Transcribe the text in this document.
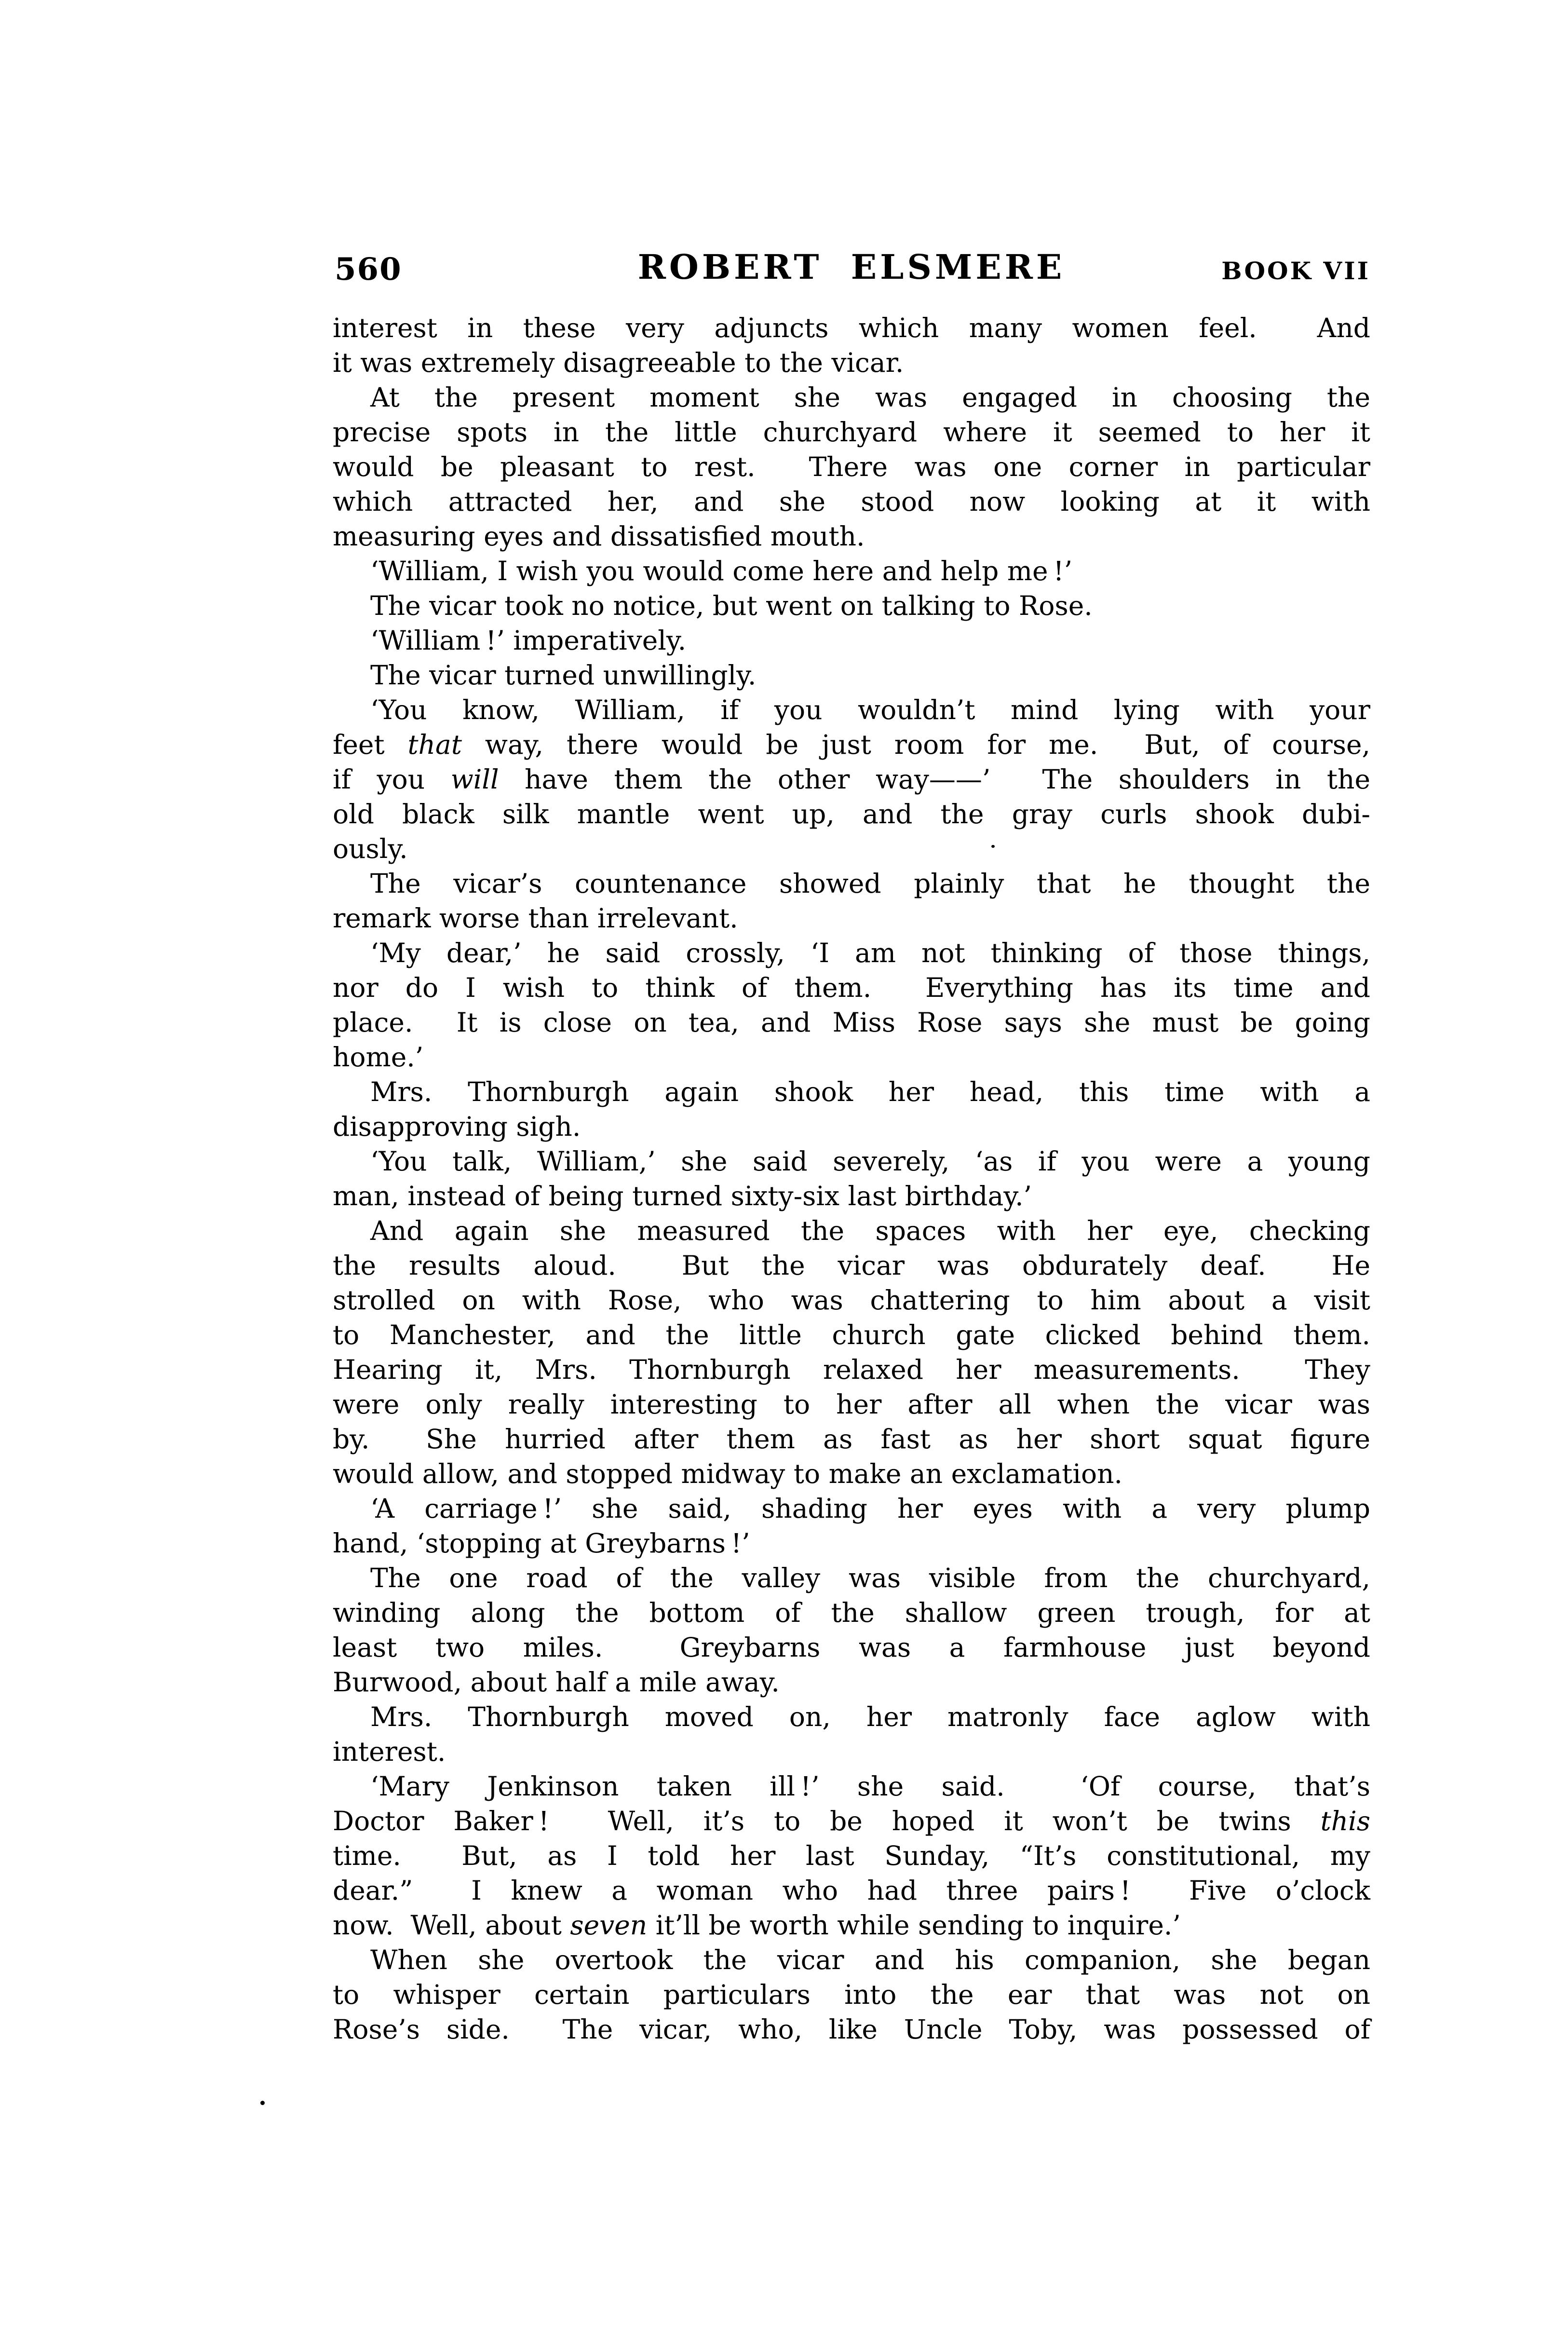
560	ROBERT ELSMERE	BOOK VII
interest in these very adjuncts which many women feel.  And
it was extremely disagreeable to the vicar.
At the present moment she was engaged in choosing the
precise spots in the little churchyard where it seemed to her it
would be pleasant to rest.  There was one corner in particular
which attracted her, and she stood now looking at it with
measuring eyes and dissatisfied mouth.
‘William, I wish you would come here and help me !’
The vicar took no notice, but went on talking to Rose.
‘William !’ imperatively.
The vicar turned unwillingly.
‘You know, William, if you wouldn’t mind lying with your
feet that way, there would be just room for me.  But, of course,
if you will have them the other way——’  The shoulders in the
old black silk mantle went up, and the gray curls shook dubi-
ously.
The vicar’s countenance showed plainly that he thought the
remark worse than irrelevant.
‘My dear,’ he said crossly, ‘I am not thinking of those things,
nor do I wish to think of them.  Everything has its time and
place.  It is close on tea, and Miss Rose says she must be going
home.’
Mrs. Thornburgh again shook her head, this time with a
disapproving sigh.
‘You talk, William,’ she said severely, ‘as if you were a young
man, instead of being turned sixty-six last birthday.’
And again she measured the spaces with her eye, checking
the results aloud.  But the vicar was obdurately deaf.  He
strolled on with Rose, who was chattering to him about a visit
to Manchester, and the little church gate clicked behind them.
Hearing it, Mrs. Thornburgh relaxed her measurements.  They
were only really interesting to her after all when the vicar was
by.  She hurried after them as fast as her short squat figure
would allow, and stopped midway to make an exclamation.
‘A carriage !’ she said, shading her eyes with a very plump
hand, ‘stopping at Greybarns !’
The one road of the valley was visible from the churchyard,
winding along the bottom of the shallow green trough, for at
least two miles.  Greybarns was a farmhouse just beyond
Burwood, about half a mile away.
Mrs. Thornburgh moved on, her matronly face aglow with
interest.
‘Mary Jenkinson taken ill !’ she said.  ‘Of course, that’s
Doctor Baker !  Well, it’s to be hoped it won’t be twins this
time.  But, as I told her last Sunday, “It’s constitutional, my
dear.”  I knew a woman who had three pairs !  Five o’clock
now.  Well, about seven it’ll be worth while sending to inquire.’
When she overtook the vicar and his companion, she began
to whisper certain particulars into the ear that was not on
Rose’s side.  The vicar, who, like Uncle Toby, was possessed of
